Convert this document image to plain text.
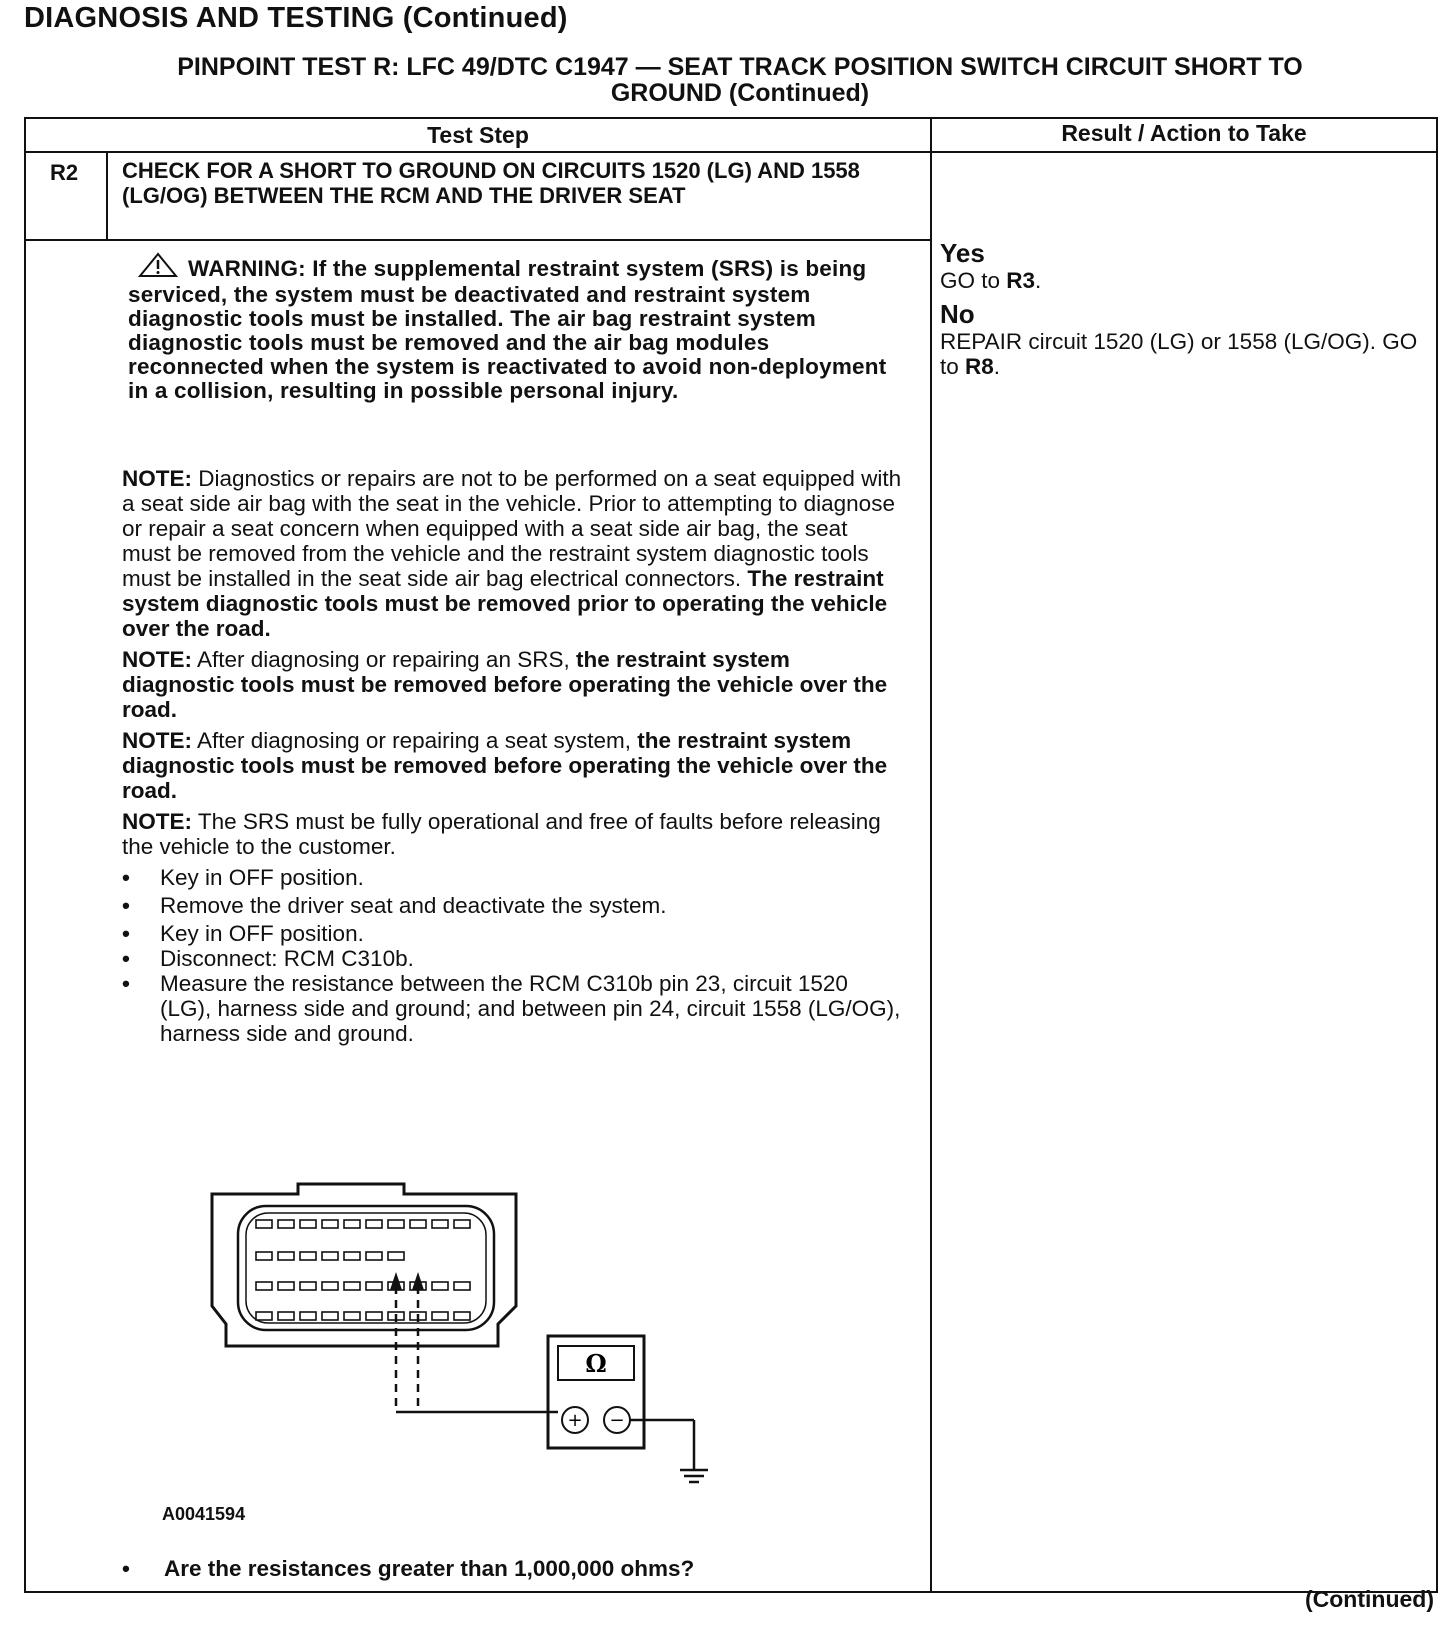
DIAGNOSIS AND TESTING (Continued)
PINPOINT TEST R: LFC 49/DTC C1947 — SEAT TRACK POSITION SWITCH CIRCUIT SHORT TO
GROUND (Continued)
Test Step	Result / Action to Take
R2 CHECK FOR A SHORT TO GROUND ON CIRCUITS 1520 (LG) AND 1558 (LG/OG) BETWEEN THE RCM AND THE DRIVER SEAT
WARNING: If the supplemental restraint system (SRS) is being serviced, the system must be deactivated and restraint system diagnostic tools must be installed. The air bag restraint system diagnostic tools must be removed and the air bag modules reconnected when the system is reactivated to avoid non-deployment in a collision, resulting in possible personal injury.
NOTE: Diagnostics or repairs are not to be performed on a seat equipped with a seat side air bag with the seat in the vehicle. Prior to attempting to diagnose or repair a seat concern when equipped with a seat side air bag, the seat must be removed from the vehicle and the restraint system diagnostic tools must be installed in the seat side air bag electrical connectors. The restraint system diagnostic tools must be removed prior to operating the vehicle over the road.
NOTE: After diagnosing or repairing an SRS, the restraint system diagnostic tools must be removed before operating the vehicle over the road.
NOTE: After diagnosing or repairing a seat system, the restraint system diagnostic tools must be removed before operating the vehicle over the road.
NOTE: The SRS must be fully operational and free of faults before releasing the vehicle to the customer.
• Key in OFF position.
• Remove the driver seat and deactivate the system.
• Key in OFF position.
• Disconnect: RCM C310b.
• Measure the resistance between the RCM C310b pin 23, circuit 1520 (LG), harness side and ground; and between pin 24, circuit 1558 (LG/OG), harness side and ground.
Ω
+ −
A0041594
• Are the resistances greater than 1,000,000 ohms?
Yes
GO to R3.
No
REPAIR circuit 1520 (LG) or 1558 (LG/OG). GO to R8.
(Continued)
